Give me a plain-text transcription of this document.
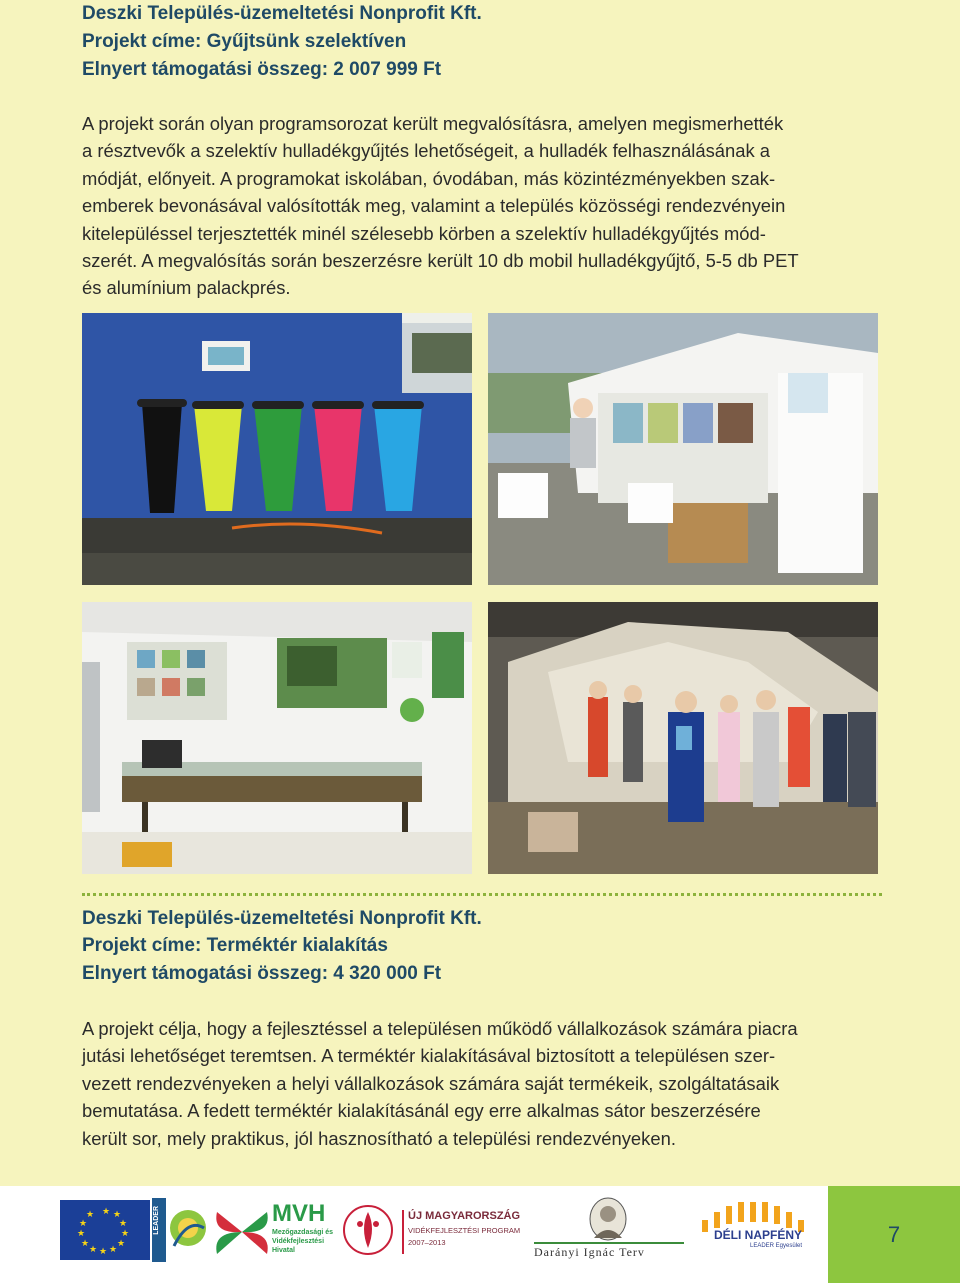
Deszki Település-üzemeltetési Nonprofit Kft.
Projekt címe: Gyűjtsünk szelektíven
Elnyert támogatási összeg: 2 007 999 Ft
A projekt során olyan programsorozat került megvalósításra, amelyen megismerhették
a résztvevők a szelektív hulladékgyűjtés lehetőségeit, a hulladék felhasználásának a
módját, előnyeit. A programokat iskolában, óvodában, más közintézményekben szak-
emberek bevonásával valósították meg, valamint a település közösségi rendezvényein
kitelepüléssel terjesztették minél szélesebb körben a szelektív hulladékgyűjtés mód-
szerét. A megvalósítás során beszerzésre került 10 db mobil hulladékgyűjtő, 5-5 db PET
és alumínium palackprés.
Deszki Település-üzemeltetési Nonprofit Kft.
Projekt címe: Terméktér kialakítás
Elnyert támogatási összeg: 4 320 000 Ft
A projekt célja, hogy a fejlesztéssel a településen működő vállalkozások számára piacra
jutási lehetőséget teremtsen. A terméktér kialakításával biztosított a településen szer-
vezett rendezvényeken a helyi vállalkozások számára saját termékeik, szolgáltatásaik
bemutatása. A fedett terméktér kialakításánál egy erre alkalmas sátor beszerzésére
került sor, mely praktikus, jól hasznosítható a települési rendezvényeken.
★ ★
★
★
★
★
★
★
★
★
★
★	LEADER	MVH
Mezőgazdasági és
Vidékfejlesztési
Hivatal
ÚJ MAGYARORSZÁG
VIDÉKFEJLESZTÉSI PROGRAM
2007–2013
Darányi Ignác Terv
DÉLI NAPFÉNY
LEADER Egyesület	7
